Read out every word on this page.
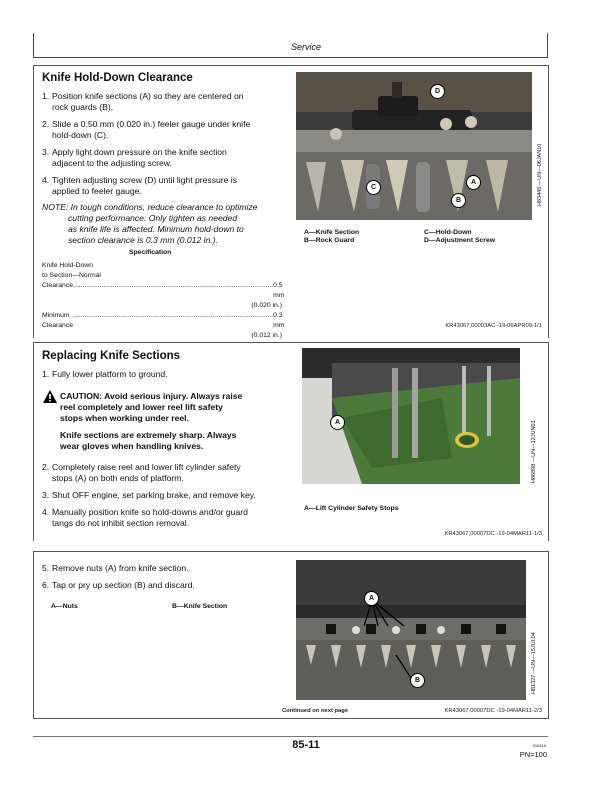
Service
Knife Hold-Down Clearance
1. Position knife sections (A) so they are centered on
rock guards (B).
2. Slide a 0.50 mm (0.020 in.) feeler gauge under knife
hold-down (C).
3. Apply light down pressure on the knife section
adjacent to the adjusting screw.
4. Tighten adjusting screw (D) until light pressure is
applied to feeler gauge.
NOTE: In tough conditions, reduce clearance to optimize
cutting performance. Only tighten as needed
as knife life is affected. Minimum hold-down to
section clearance is 0.3 mm (0.012 in.).
Specification
Knife Hold-Down
to Section—Normal
Clearance .......................................................................................................... 0.5 mm
(0.020 in.)
Minimum Clearance
.......................................................................................................... 0.3 mm
(0.012 in.)
D
C
A
B	H83445 —UN—06JAN10
A—Knife Section
B—Rock Guard
C—Hold-Down
D—Adjustment Screw
KR43067,00003AC -19-06APR09-1/1
Replacing Knife Sections
1. Fully lower platform to ground.
CAUTION: Avoid serious injury. Always raise
reel completely and lower reel lift safety
stops when working under reel.
Knife sections are extremely sharp. Always
wear gloves when handling knives.
2. Completely raise reel and lower lift cylinder safety
stops (A) on both ends of platform.
3. Shut OFF engine, set parking brake, and remove key.
4. Manually position knife so hold-downs and/or guard
tangs do not inhibit section removal.
A	H86898 —UN—12JUN01
A—Lift Cylinder Safety Stops
KR43067,00007DC -19-04MAR11-1/3
5. Remove nuts (A) from knife section.
6. Tap or pry up section (B) and discard.
A—Nuts	B—Knife Section
A
B	H81327 —UN—15JUL04
Continued on next page	KR43067,00007DC -19-04MAR11-2/3
85-11	010415
PN=100
